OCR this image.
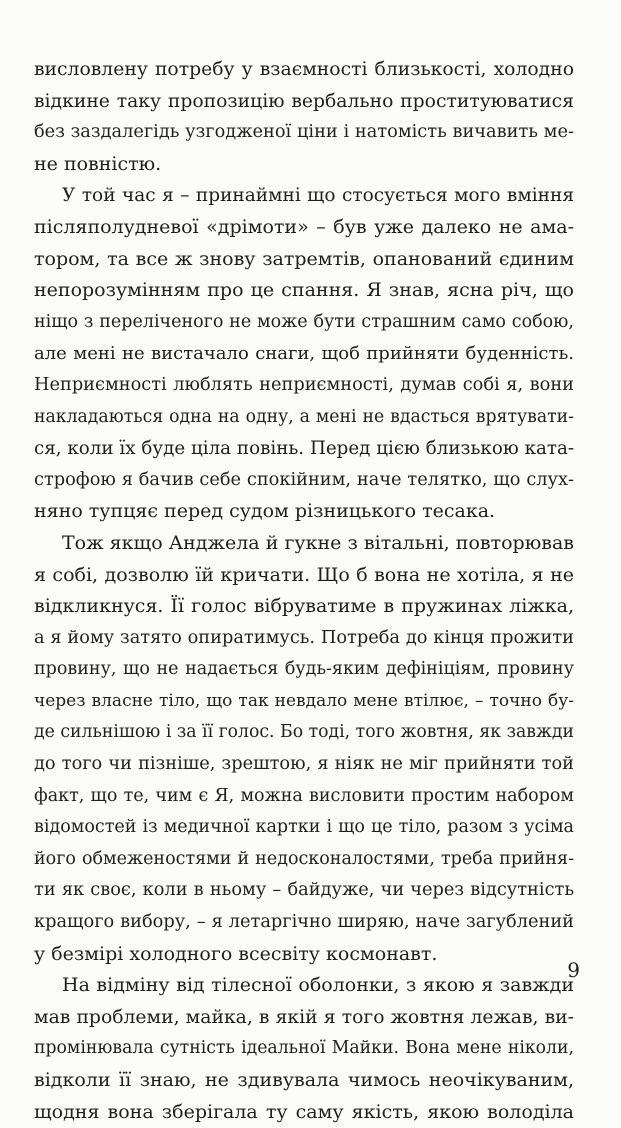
висловлену потребу у взаємності близькості, холодно
відкине таку пропозицію вербально проституюватися
без заздалегідь узгодженої ціни і натомість вичавить ме-
не повністю.
У той час я – принаймні що стосується мого вміння
післяполудневої «дрімоти» – був уже далеко не ама-
тором, та все ж знову затремтів, опанований єдиним
непорозумінням про це спання. Я знав, ясна річ, що
ніщо з переліченого не може бути страшним само собою,
але мені не вистачало снаги, щоб прийняти буденність.
Неприємності люблять неприємності, думав собі я, вони
накладаються одна на одну, а мені не вдасться врятувати-
ся, коли їх буде ціла повінь. Перед цією близькою ката-
строфою я бачив себе спокійним, наче телятко, що слух-
няно тупцяє перед судом різницького тесака.
Тож якщо Анджела й гукне з вітальні, повторював
я собі, дозволю їй кричати. Що б вона не хотіла, я не
відкликнуся. Її голос вібруватиме в пружинах ліжка,
а я йому затято опиратимусь. Потреба до кінця прожити
провину, що не надається будь-яким дефініціям, провину
через власне тіло, що так невдало мене втілює, – точно бу-
де сильнішою і за її голос. Бо тоді, того жовтня, як завжди
до того чи пізніше, зрештою, я ніяк не міг прийняти той
факт, що те, чим є Я, можна висловити простим набором
відомостей із медичної картки і що це тіло, разом з усіма
його обмеженостями й недосконалостями, треба прийня-
ти як своє, коли в ньому – байдуже, чи через відсутність
кращого вибору, – я летаргічно ширяю, наче загублений
у безмірі холодного всесвіту космонавт.
На відміну від тілесної оболонки, з якою я завжди
мав проблеми, майка, в якій я того жовтня лежав, ви-
промінювала сутність ідеальної Майки. Вона мене ніколи,
відколи її знаю, не здивувала чимось неочікуваним,
щодня вона зберігала ту саму якість, якою володіла
9
